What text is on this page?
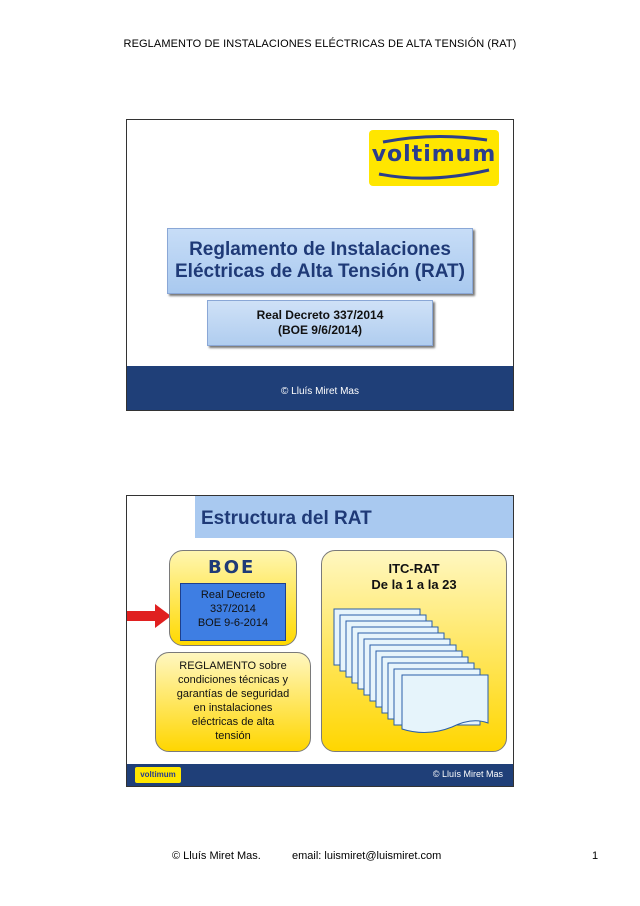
REGLAMENTO DE INSTALACIONES ELÉCTRICAS DE ALTA TENSIÓN (RAT)
voltimum
Reglamento de Instalaciones
Eléctricas de Alta Tensión (RAT)
Real Decreto 337/2014
(BOE 9/6/2014)
© Lluís Miret Mas
Estructura del RAT
BOE
Real Decreto
337/2014
BOE 9-6-2014
REGLAMENTO sobre
condiciones técnicas y
garantías de seguridad
en instalaciones
eléctricas de alta
tensión
ITC-RAT
De la 1 a la 23
voltimum	© Lluís Miret Mas
© Lluís Miret Mas.	email: luismiret@luismiret.com	1
